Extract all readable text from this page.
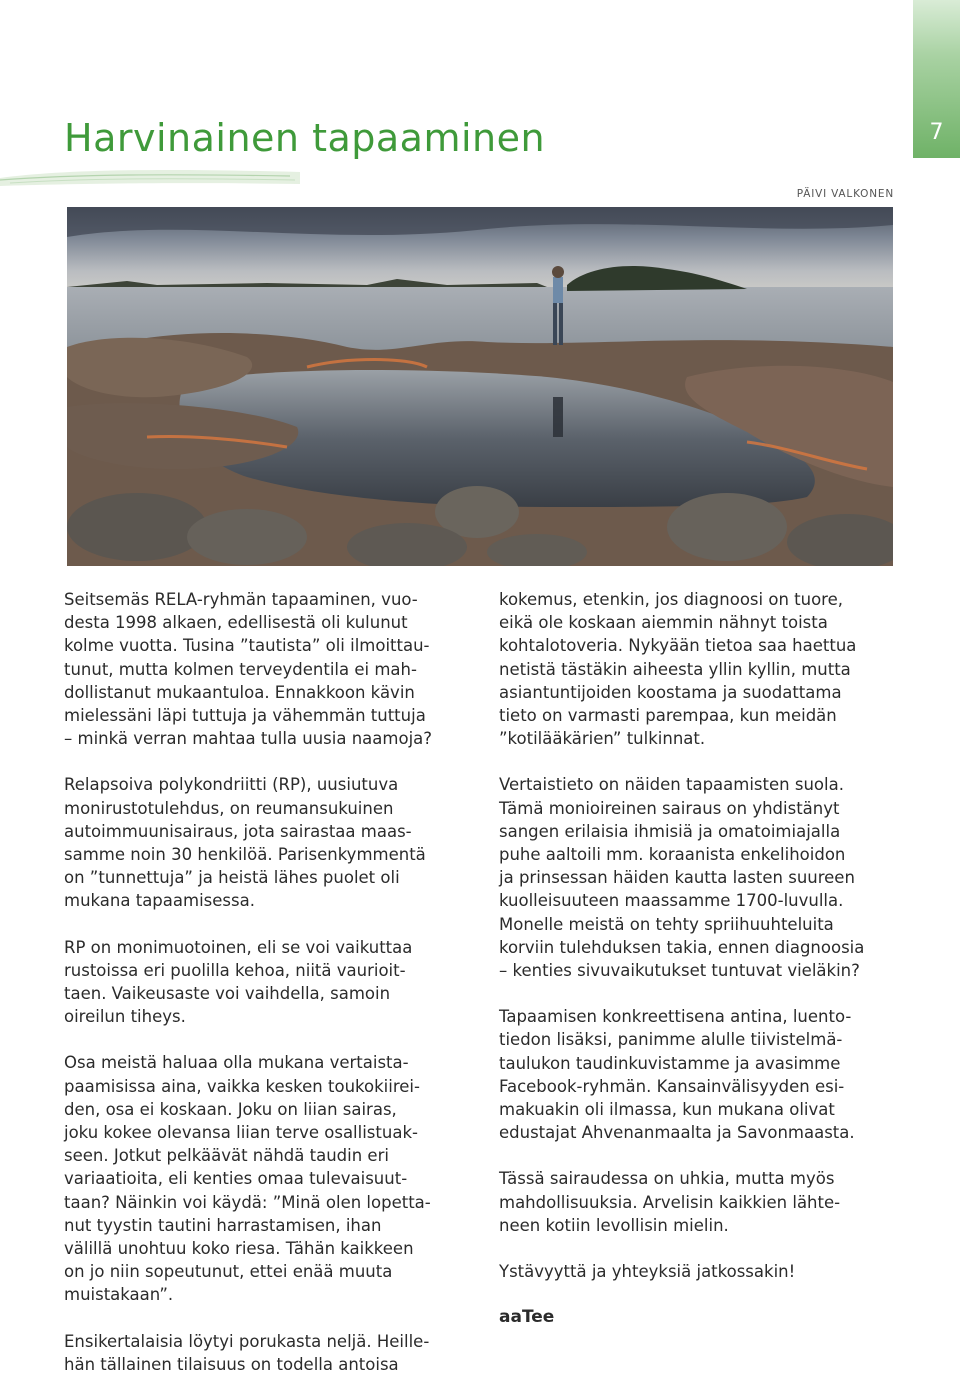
7
Harvinainen tapaaminen
PÄIVI VALKONEN

Seitsemäs RELA-ryhmän tapaaminen, vuo-
desta 1998 alkaen, edellisestä oli kulunut
kolme vuotta. Tusina ”tautista” oli ilmoittau-
tunut, mutta kolmen terveydentila ei mah-
dollistanut mukaantuloa. Ennakkoon kävin
mielessäni läpi tuttuja ja vähemmän tuttuja
– minkä verran mahtaa tulla uusia naamoja?

Relapsoiva polykondriitti (RP), uusiutuva
monirustotulehdus, on reumansukuinen
autoimmuunisairaus, jota sairastaa maas-
samme noin 30 henkilöä. Parisenkymmentä
on ”tunnettuja” ja heistä lähes puolet oli
mukana tapaamisessa.

RP on monimuotoinen, eli se voi vaikuttaa
rustoissa eri puolilla kehoa, niitä vaurioit-
taen. Vaikeusaste voi vaihdella, samoin
oireilun tiheys.

Osa meistä haluaa olla mukana vertaista-
paamisissa aina, vaikka kesken toukokiirei-
den, osa ei koskaan. Joku on liian sairas,
joku kokee olevansa liian terve osallistuak-
seen. Jotkut pelkäävät nähdä taudin eri
variaatioita, eli kenties omaa tulevaisuut-
taan? Näinkin voi käydä: ”Minä olen lopetta-
nut tyystin tautini harrastamisen, ihan
välillä unohtuu koko riesa. Tähän kaikkeen
on jo niin sopeutunut, ettei enää muuta
muistakaan”.

Ensikertalaisia löytyi porukasta neljä. Heille-
hän tällainen tilaisuus on todella antoisa

kokemus, etenkin, jos diagnoosi on tuore,
eikä ole koskaan aiemmin nähnyt toista
kohtalotoveria. Nykyään tietoa saa haettua
netistä tästäkin aiheesta yllin kyllin, mutta
asiantuntijoiden koostama ja suodattama
tieto on varmasti parempaa, kun meidän
”kotilääkärien” tulkinnat.

Vertaistieto on näiden tapaamisten suola.
Tämä monioireinen sairaus on yhdistänyt
sangen erilaisia ihmisiä ja omatoimiajalla
puhe aaltoili mm. koraanista enkelihoidon
ja prinsessan häiden kautta lasten suureen
kuolleisuuteen maassamme 1700-luvulla.
Monelle meistä on tehty spriihuuhteluita
korviin tulehduksen takia, ennen diagnoosia
– kenties sivuvaikutukset tuntuvat vieläkin?

Tapaamisen konkreettisena antina, luento-
tiedon lisäksi, panimme alulle tiivistelmä-
taulukon taudinkuvistamme ja avasimme
Facebook-ryhmän. Kansainvälisyyden esi-
makuakin oli ilmassa, kun mukana olivat
edustajat Ahvenanmaalta ja Savonmaasta.

Tässä sairaudessa on uhkia, mutta myös
mahdollisuuksia. Arvelisin kaikkien lähte-
neen kotiin levollisin mielin.

Ystävyyttä ja yhteyksiä jatkossakin!

aaTee
